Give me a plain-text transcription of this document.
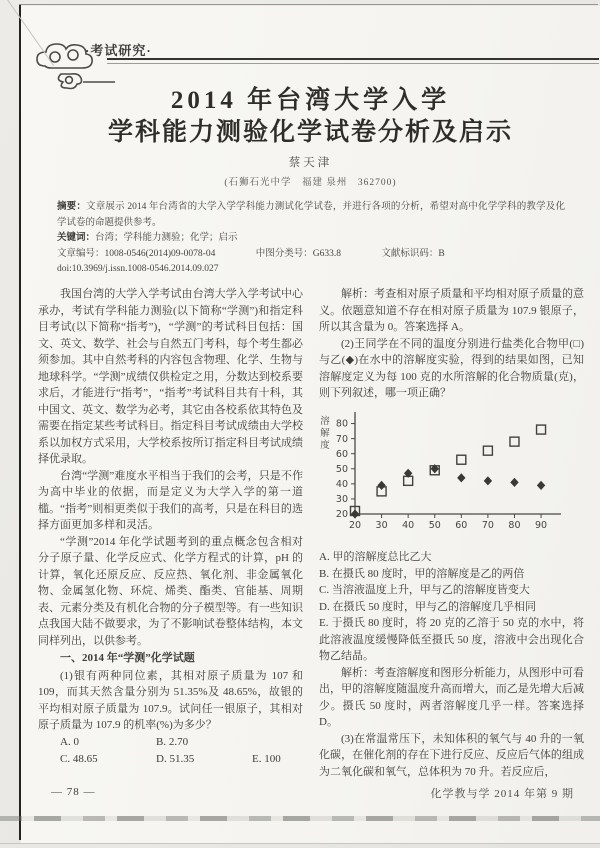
·考试研究·
2014 年台湾大学入学
学科能力测验化学试卷分析及启示
蔡天津
(石狮石光中学　福建 泉州　362700)
摘要：文章展示 2014 年台湾省的大学入学学科能力测试化学试卷，并进行各项的分析，希望对高中化学学科的教学及化学试卷的命题提供参考。
关键词：台湾；学科能力测验；化学；启示
文章编号：1008-0546(2014)09-0078-04	中图分类号：G633.8	文献标识码：B
doi:10.3969/j.issn.1008-0546.2014.09.027

我国台湾的大学入学考试由台湾大学入学考试中心承办，考试有学科能力测验(以下简称“学测”)和指定科目考试(以下简称“指考”)，“学测”的考试科目包括：国文、英文、数学、社会与自然五门考科，每个考生都必须参加。其中自然考科的内容包含物理、化学、生物与地球科学。“学测”成绩仅供检定之用，分数达到校系要求后，才能进行“指考”，“指考”考试科目共有十科，其中国文、英文、数学为必考，其它由各校系依其特色及需要在指定某些考试科目。指定科目考试成绩由大学校系以加权方式采用，大学校系按所订指定科目考试成绩择优录取。

台湾“学测”难度水平相当于我们的会考，只是不作为高中毕业的依据，而是定义为大学入学的第一道槛。“指考”则相更类似于我们的高考，只是在科目的选择方面更加多样和灵活。

“学测”2014 年化学试题考到的重点概念包含相对分子原子量、化学反应式、化学方程式的计算，pH 的计算，氧化还原反应、反应热、氧化剂、非金属氧化物、金属氢化物、环烷、烯类、酯类、官能基、周期表、元素分类及有机化合物的分子模型等。有一些知识点我国大陆不做要求，为了不影响试卷整体结构，本文同样列出，以供参考。

一、2014 年“学测”化学试题

(1)银有两种同位素，其相对原子质量为 107 和 109，而其天然含量分别为 51.35%及 48.65%，故银的平均相对原子质量为 107.9。试问任一银原子，其相对原子质量为 107.9 的机率(%)为多少？

A. 0	B. 2.70
C. 48.65	D. 51.35	E. 100

解析：考查相对原子质量和平均相对原子质量的意义。依题意知道不存在相对原子质量为 107.9 银原子，所以其含量为 0。答案选择 A。

(2)王同学在不同的温度分别进行盐类化合物甲(□)与乙(◆)在水中的溶解度实验，得到的结果如图，已知溶解度定义为每 100 克的水所溶解的化合物质量(克)，则下列叙述，哪一项正确？

20
30
40
50
60
70
80
20 30 40 50 60 70 80 90
溶
解
度

A. 甲的溶解度总比乙大

B. 在摄氏 80 度时，甲的溶解度是乙的两倍

C. 当溶液温度上升，甲与乙的溶解度皆变大

D. 在摄氏 50 度时，甲与乙的溶解度几乎相同

E. 于摄氏 80 度时，将 20 克的乙溶于 50 克的水中，将此溶液温度缓慢降低至摄氏 50 度，溶液中会出现化合物乙结晶。

解析：考查溶解度和图形分析能力，从图形中可看出，甲的溶解度随温度升高而增大，而乙是先增大后减少。摄氏 50 度时，两者溶解度几乎一样。答案选择 D。

(3)在常温常压下，未知体积的氧气与 40 升的一氧化碳，在催化剂的存在下进行反应、反应后气体的组成为二氧化碳和氧气，总体积为 70 升。若反应后，

— 78 —	化学教与学 2014 年第 9 期
